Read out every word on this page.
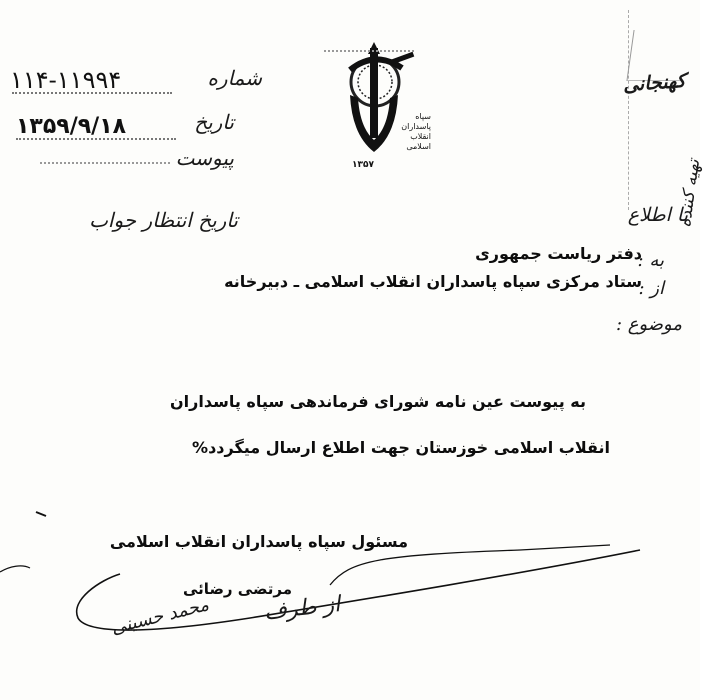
۱۱۴-۱۱۹۹۴	شماره
۱۳۵۹/۹/۱۸	تاریخ
پیوست
تاریخ انتظار جواب
سپاه
پاسداران
انقلاب
اسلامی
۱۳۵۷
کهنجانی
تهیه کننده
با اطلاع
به :
دفتر ریاست جمهوری
از :
ستاد مرکزی سپاه پاسداران انقلاب اسلامی ـ دبیرخانه
موضوع :
به پیوست عین نامه شورای فرماندهی سپاه پاسداران
انقلاب اسلامی خوزستان جهت اطلاع ارسال میگردد%
مسئول سپاه پاسداران انقلاب اسلامی
مرتضی رضائی
از طرف
محمد حسینی
